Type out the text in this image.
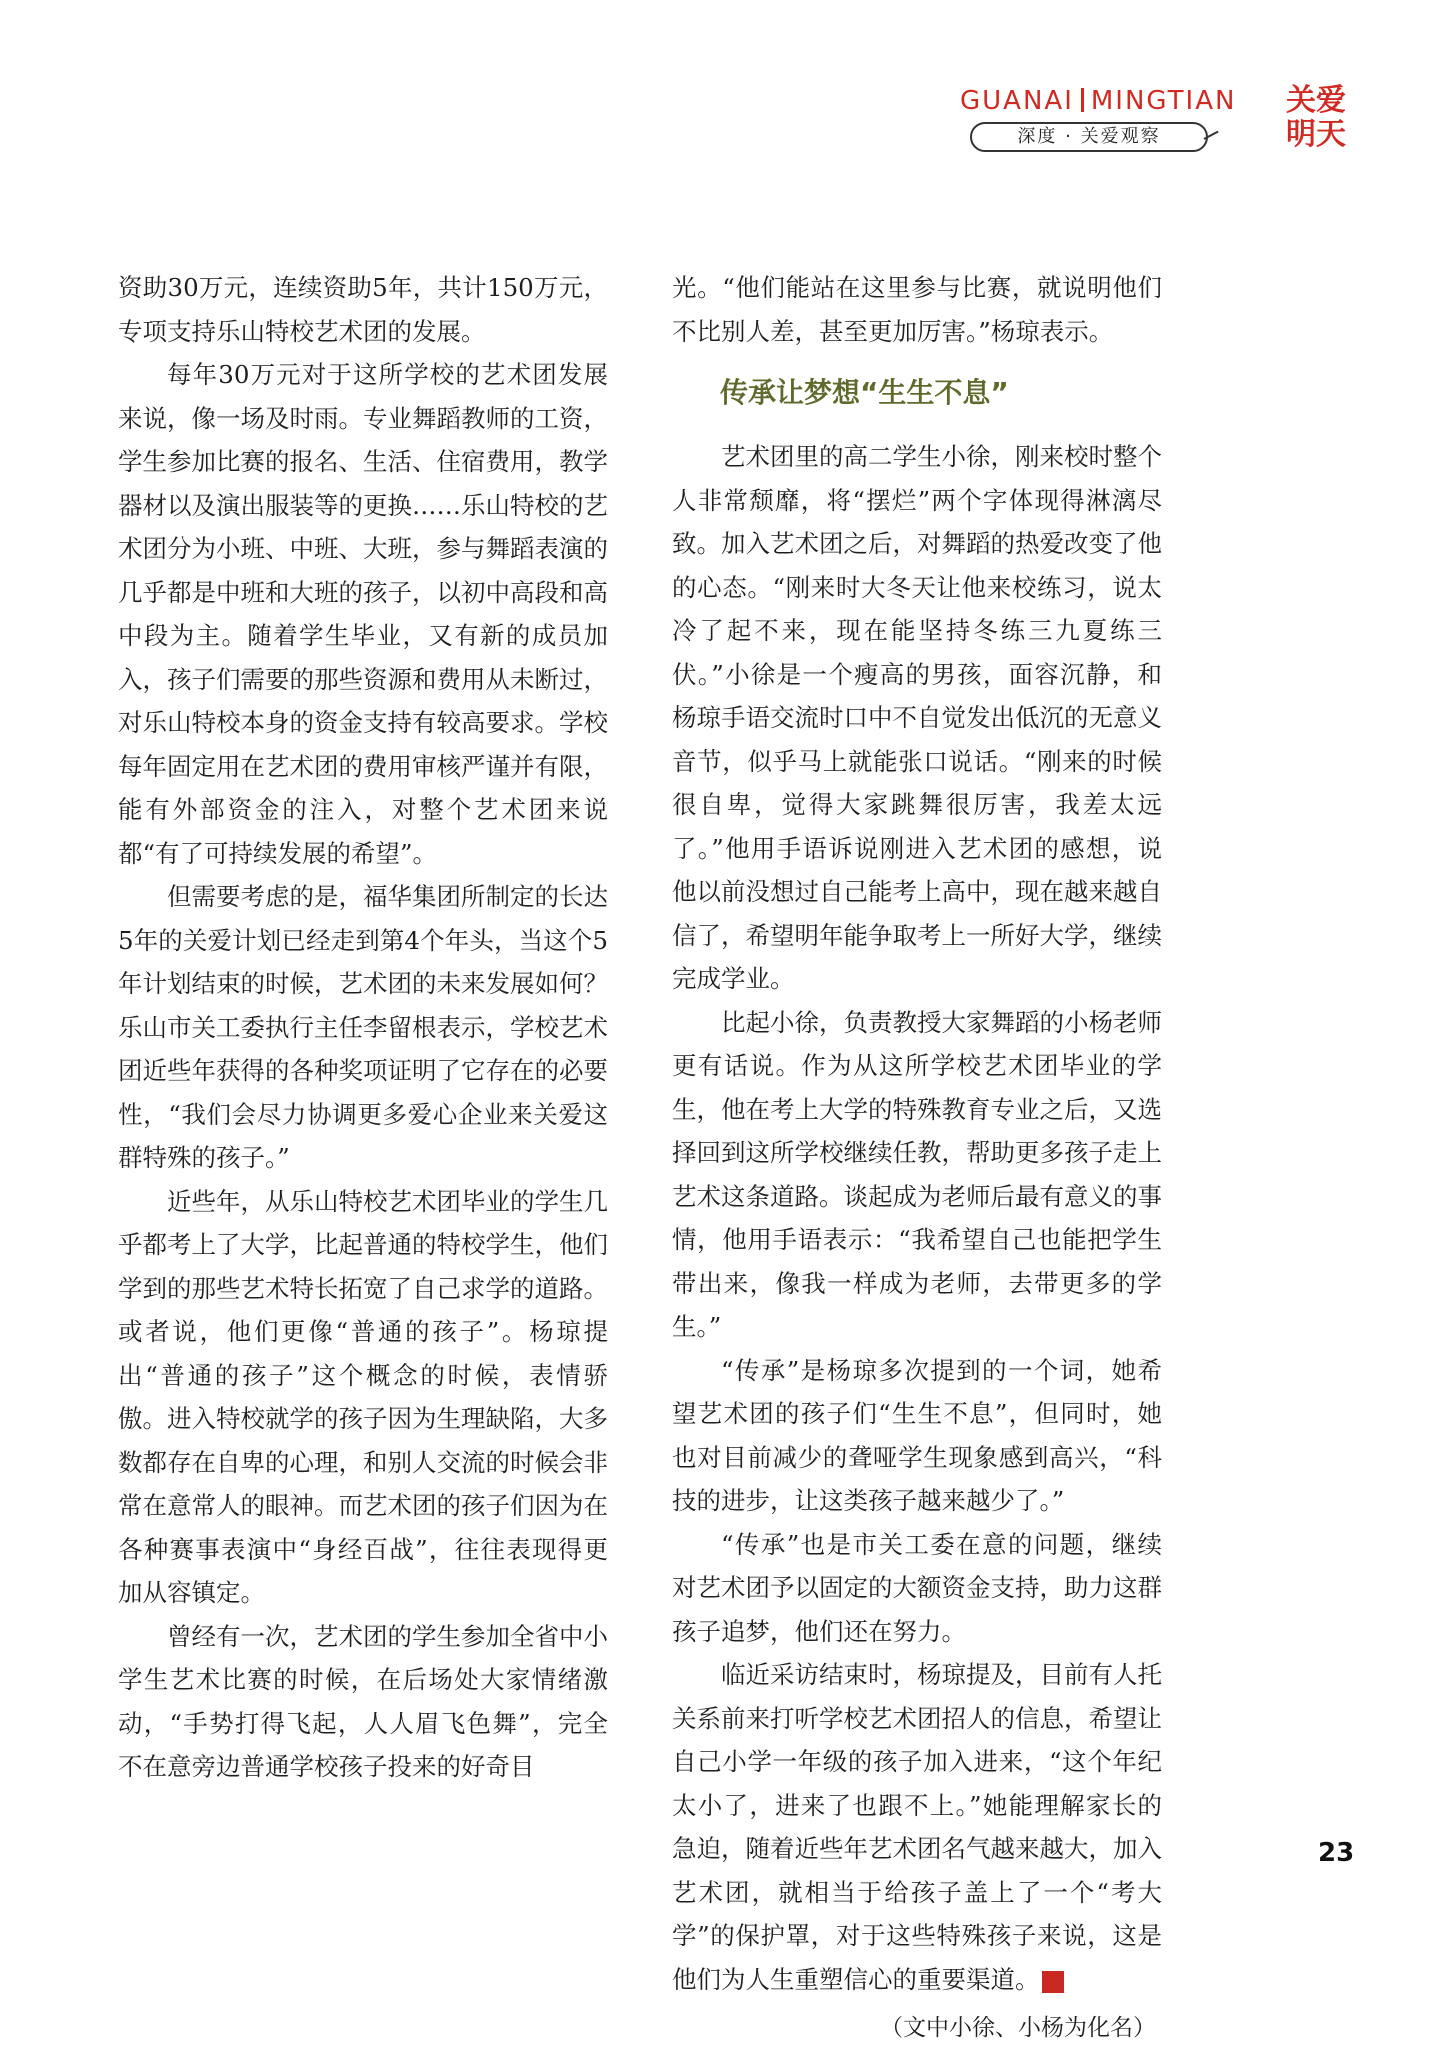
GUANAI MINGTIAN
深度 · 关爱观察
关爱
明天

资助30万元，连续资助5年，共计150万元，专项支持乐山特校艺术团的发展。

每年30万元对于这所学校的艺术团发展来说，像一场及时雨。专业舞蹈教师的工资，学生参加比赛的报名、生活、住宿费用，教学器材以及演出服装等的更换……乐山特校的艺术团分为小班、中班、大班，参与舞蹈表演的几乎都是中班和大班的孩子，以初中高段和高中段为主。随着学生毕业，又有新的成员加入，孩子们需要的那些资源和费用从未断过，对乐山特校本身的资金支持有较高要求。学校每年固定用在艺术团的费用审核严谨并有限，能有外部资金的注入，对整个艺术团来说都“有了可持续发展的希望”。

但需要考虑的是，福华集团所制定的长达5年的关爱计划已经走到第4个年头，当这个5年计划结束的时候，艺术团的未来发展如何？乐山市关工委执行主任李留根表示，学校艺术团近些年获得的各种奖项证明了它存在的必要性，“我们会尽力协调更多爱心企业来关爱这群特殊的孩子。”

近些年，从乐山特校艺术团毕业的学生几乎都考上了大学，比起普通的特校学生，他们学到的那些艺术特长拓宽了自己求学的道路。或者说，他们更像“普通的孩子”。杨琼提出“普通的孩子”这个概念的时候，表情骄傲。进入特校就学的孩子因为生理缺陷，大多数都存在自卑的心理，和别人交流的时候会非常在意常人的眼神。而艺术团的孩子们因为在各种赛事表演中“身经百战”，往往表现得更加从容镇定。

曾经有一次，艺术团的学生参加全省中小学生艺术比赛的时候，在后场处大家情绪激动，“手势打得飞起，人人眉飞色舞”，完全不在意旁边普通学校孩子投来的好奇目

光。“他们能站在这里参与比赛，就说明他们不比别人差，甚至更加厉害。”杨琼表示。

传承让梦想“生生不息”

艺术团里的高二学生小徐，刚来校时整个人非常颓靡，将“摆烂”两个字体现得淋漓尽致。加入艺术团之后，对舞蹈的热爱改变了他的心态。“刚来时大冬天让他来校练习，说太冷了起不来，现在能坚持冬练三九夏练三伏。”小徐是一个瘦高的男孩，面容沉静，和杨琼手语交流时口中不自觉发出低沉的无意义音节，似乎马上就能张口说话。“刚来的时候很自卑，觉得大家跳舞很厉害，我差太远了。”他用手语诉说刚进入艺术团的感想，说他以前没想过自己能考上高中，现在越来越自信了，希望明年能争取考上一所好大学，继续完成学业。

比起小徐，负责教授大家舞蹈的小杨老师更有话说。作为从这所学校艺术团毕业的学生，他在考上大学的特殊教育专业之后，又选择回到这所学校继续任教，帮助更多孩子走上艺术这条道路。谈起成为老师后最有意义的事情，他用手语表示：“我希望自己也能把学生带出来，像我一样成为老师，去带更多的学生。”

“传承”是杨琼多次提到的一个词，她希望艺术团的孩子们“生生不息”，但同时，她也对目前减少的聋哑学生现象感到高兴，“科技的进步，让这类孩子越来越少了。”

“传承”也是市关工委在意的问题，继续对艺术团予以固定的大额资金支持，助力这群孩子追梦，他们还在努力。

临近采访结束时，杨琼提及，目前有人托关系前来打听学校艺术团招人的信息，希望让自己小学一年级的孩子加入进来，“这个年纪太小了，进来了也跟不上。”她能理解家长的急迫，随着近些年艺术团名气越来越大，加入艺术团，就相当于给孩子盖上了一个“考大学”的保护罩，对于这些特殊孩子来说，这是他们为人生重塑信心的重要渠道。	天

（文中小徐、小杨为化名）
23
